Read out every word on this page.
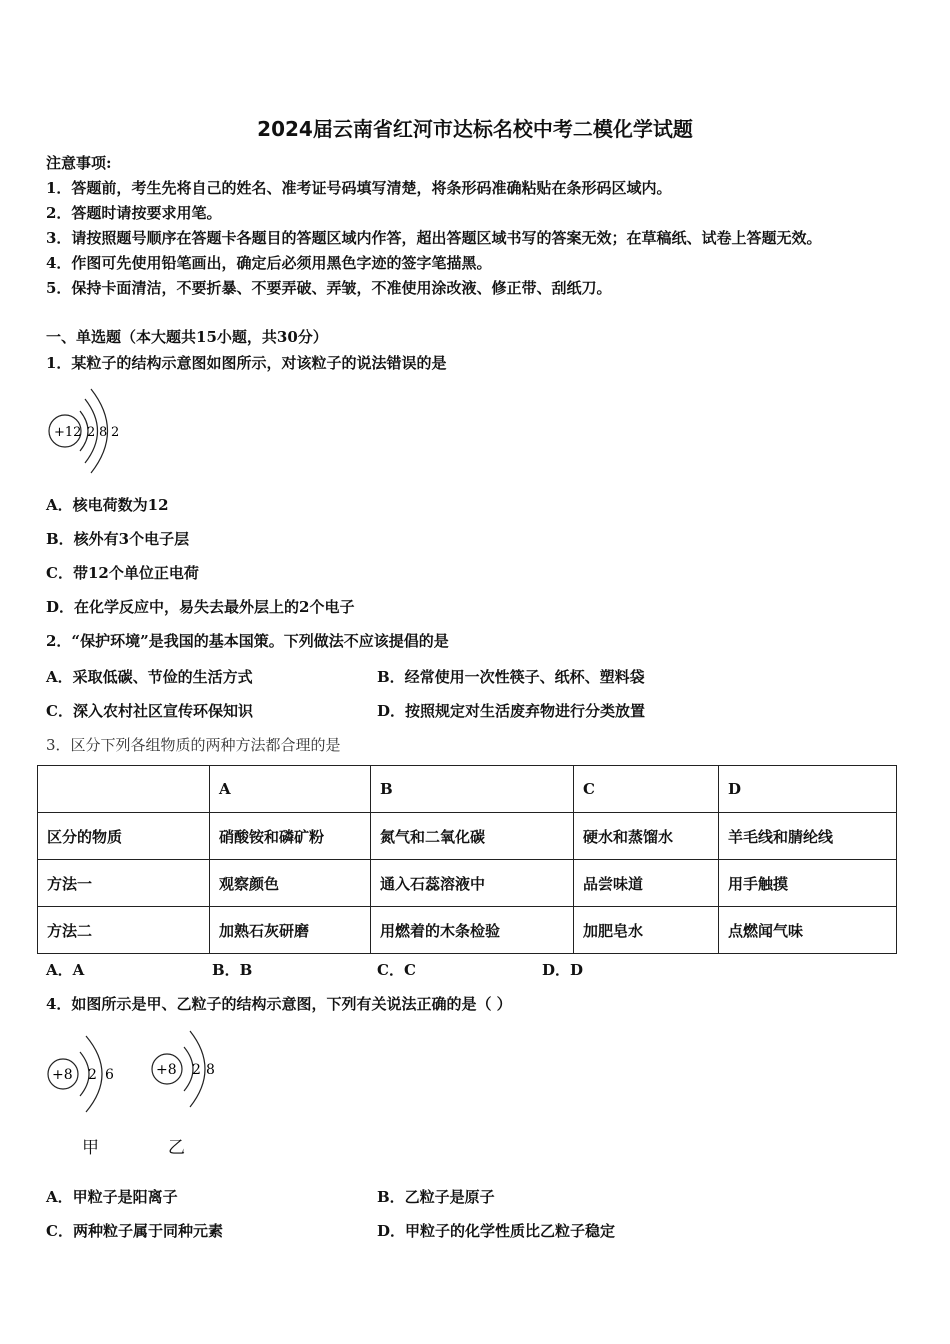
2024届云南省红河市达标名校中考二模化学试题
注意事项:
1．答题前，考生先将自己的姓名、准考证号码填写清楚，将条形码准确粘贴在条形码区域内。
2．答题时请按要求用笔。
3．请按照题号顺序在答题卡各题目的答题区域内作答，超出答题区域书写的答案无效；在草稿纸、试卷上答题无效。
4．作图可先使用铅笔画出，确定后必须用黑色字迹的签字笔描黑。
5．保持卡面清洁，不要折暴、不要弄破、弄皱，不准使用涂改液、修正带、刮纸刀。
一、单选题（本大题共15小题，共30分）
1．某粒子的结构示意图如图所示，对该粒子的说法错误的是
+12 2 8 2
A．核电荷数为12
B．核外有3个电子层
C．带12个单位正电荷
D．在化学反应中，易失去最外层上的2个电子
2．“保护环境”是我国的基本国策。下列做法不应该提倡的是
A．采取低碳、节俭的生活方式	B．经常使用一次性筷子、纸杯、塑料袋
C．深入农村社区宣传环保知识	D．按照规定对生活废弃物进行分类放置
3．区分下列各组物质的两种方法都合理的是
	A	B	C	D
区分的物质	硝酸铵和磷矿粉	氮气和二氧化碳	硬水和蒸馏水	羊毛线和腈纶线
方法一	观察颜色	通入石蕊溶液中	品尝味道	用手触摸
方法二	加熟石灰研磨	用燃着的木条检验	加肥皂水	点燃闻气味
A．A	B．B	C．C	D．D
4．如图所示是甲、乙粒子的结构示意图，下列有关说法正确的是（ ）
+8 2 6	+8 2 8
甲	乙
A．甲粒子是阳离子	B．乙粒子是原子
C．两种粒子属于同种元素	D．甲粒子的化学性质比乙粒子稳定
